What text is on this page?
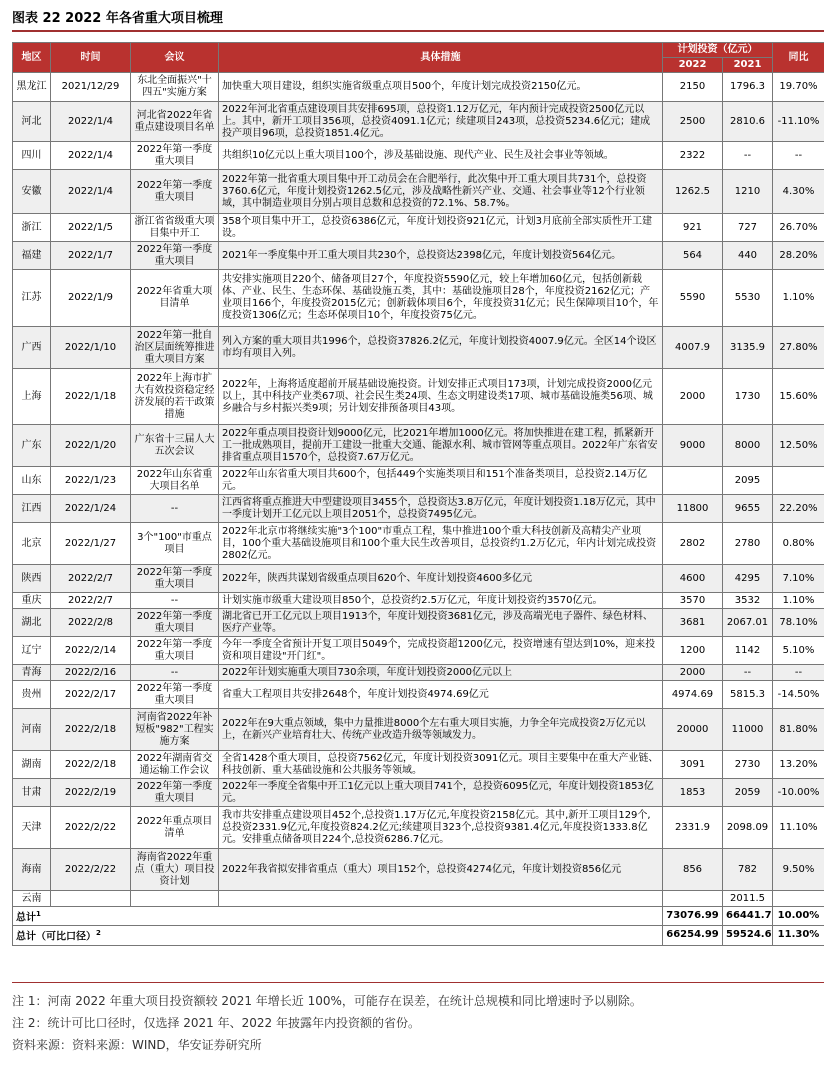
图表 22 2022 年各省重大项目梳理
地区	时间	会议	具体措施	计划投资（亿元）		同比
				2022	2021	
黑龙江	2021/12/29	东北全面振兴"十四五"实施方案	加快重大项目建设，组织实施省级重点项目500个，年度计划完成投资2150亿元。	2150	1796.3	19.70%
河北	2022/1/4	河北省2022年省重点建设项目名单	2022年河北省重点建设项目共安排695项，总投资1.12万亿元，年内预计完成投资2500亿元以上。其中，新开工项目356项，总投资4091.1亿元；续建项目243项，总投资5234.6亿元；建成投产项目96项，总投资1851.4亿元。	2500	2810.6	-11.10%
四川	2022/1/4	2022年第一季度重大项目	共组织10亿元以上重大项目100个，涉及基础设施、现代产业、民生及社会事业等领域。	2322	--	--
安徽	2022/1/4	2022年第一季度重大项目	2022年第一批省重大项目集中开工动员会在合肥举行，此次集中开工重大项目共731个，总投资3760.6亿元，年度计划投资1262.5亿元，涉及战略性新兴产业、交通、社会事业等12个行业领域，其中制造业项目分别占项目总数和总投资的72.1%、58.7%。	1262.5	1210	4.30%
浙江	2022/1/5	浙江省省级重大项目集中开工	358个项目集中开工，总投资6386亿元，年度计划投资921亿元，计划3月底前全部实质性开工建设。	921	727	26.70%
福建	2022/1/7	2022年第一季度重大项目	2021年一季度集中开工重大项目共230个，总投资达2398亿元，年度计划投资564亿元。	564	440	28.20%
江苏	2022/1/9	2022年省重大项目清单	共安排实施项目220个、储备项目27个，年度投资5590亿元，较上年增加60亿元，包括创新载体、产业、民生、生态环保、基础设施五类，其中：基础设施项目28个，年度投资2162亿元；产业项目166个，年度投资2015亿元；创新载体项目6个，年度投资31亿元；民生保障项目10个，年度投资1306亿元；生态环保项目10个，年度投资75亿元。	5590	5530	1.10%
广西	2022/1/10	2022年第一批自治区层面统筹推进重大项目方案	列入方案的重大项目共1996个，总投资37826.2亿元，年度计划投资4007.9亿元。全区14个设区市均有项目入列。	4007.9	3135.9	27.80%
上海	2022/1/18	2022年上海市扩大有效投资稳定经济发展的若干政策措施	2022年，上海将适度超前开展基础设施投资。计划安排正式项目173项，计划完成投资2000亿元以上，其中科技产业类67项、社会民生类24项、生态文明建设类17项、城市基础设施类56项、城乡融合与乡村振兴类9项；另计划安排预备项目43项。	2000	1730	15.60%
广东	2022/1/20	广东省十三届人大五次会议	2022年重点项目投资计划9000亿元，比2021年增加1000亿元。将加快推进在建工程，抓紧新开工一批成熟项目，提前开工建设一批重大交通、能源水利、城市管网等重点项目。2022年广东省安排省重点项目1570个，总投资7.67万亿元。	9000	8000	12.50%
山东	2022/1/23	2022年山东省重大项目名单	2022年山东省重大项目共600个，包括449个实施类项目和151个准备类项目，总投资2.14万亿元。		2095	
江西	2022/1/24	--	江西省将重点推进大中型建设项目3455个，总投资达3.8万亿元，年度计划投资1.18万亿元，其中一季度计划开工亿元以上项目2051个，总投资7495亿元。	11800	9655	22.20%
北京	2022/1/27	3个"100"市重点项目	2022年北京市将继续实施"3个100"市重点工程，集中推进100个重大科技创新及高精尖产业项目，100个重大基础设施项目和100个重大民生改善项目，总投资约1.2万亿元，年内计划完成投资2802亿元。	2802	2780	0.80%
陕西	2022/2/7	2022年第一季度重大项目	2022年，陕西共谋划省级重点项目620个、年度计划投资4600多亿元	4600	4295	7.10%
重庆	2022/2/7	--	计划实施市级重大建设项目850个，总投资约2.5万亿元，年度计划投资约3570亿元。	3570	3532	1.10%
湖北	2022/2/8	2022年第一季度重大项目	湖北省已开工亿元以上项目1913个，年度计划投资3681亿元，涉及高端光电子器件、绿色材料、医疗产业等。	3681	2067.01	78.10%
辽宁	2022/2/14	2022年第一季度重大项目	今年一季度全省预计开复工项目5049个，完成投资超1200亿元，投资增速有望达到10%，迎来投资和项目建设"开门红"。	1200	1142	5.10%
青海	2022/2/16	--	2022年计划实施重大项目730余项，年度计划投资2000亿元以上	2000	--	--
贵州	2022/2/17	2022年第一季度重大项目	省重大工程项目共安排2648个，年度计划投资4974.69亿元	4974.69	5815.3	-14.50%
河南	2022/2/18	河南省2022年补短板"982"工程实施方案	2022年在9大重点领域，集中力量推进8000个左右重大项目实施，力争全年完成投资2万亿元以上，在新兴产业培育壮大、传统产业改造升级等领域发力。	20000	11000	81.80%
湖南	2022/2/18	2022年湖南省交通运输工作会议	全省1428个重大项目，总投资7562亿元，年度计划投资3091亿元。项目主要集中在重大产业链、科技创新、重大基础设施和公共服务等领域。	3091	2730	13.20%
甘肃	2022/2/19	2022年第一季度重大项目	2022年一季度全省集中开工1亿元以上重大项目741个，总投资6095亿元，年度计划投资1853亿元。	1853	2059	-10.00%
天津	2022/2/22	2022年重点项目清单	我市共安排重点建设项目452个,总投资1.17万亿元,年度投资2158亿元。其中,新开工项目129个,总投资2331.9亿元,年度投资824.2亿元;续建项目323个,总投资9381.4亿元,年度投资1333.8亿元。安排重点储备项目224个,总投资6286.7亿元。	2331.9	2098.09	11.10%
海南	2022/2/22	海南省2022年重点（重大）项目投资计划	2022年我省拟安排省重点（重大）项目152个，总投资4274亿元，年度计划投资856亿元	856	782	9.50%
云南					2011.5	
总计$^1$				73076.99	66441.7	10.00%
总计（可比口径）$^2$				66254.99	59524.6	11.30%
注 1：河南 2022 年重大项目投资额较 2021 年增长近 100%，可能存在误差，在统计总规模和同比增速时予以剔除。
注 2：统计可比口径时，仅选择 2021 年、2022 年披露年内投资额的省份。
资料来源：资料来源：WIND，华安证券研究所
